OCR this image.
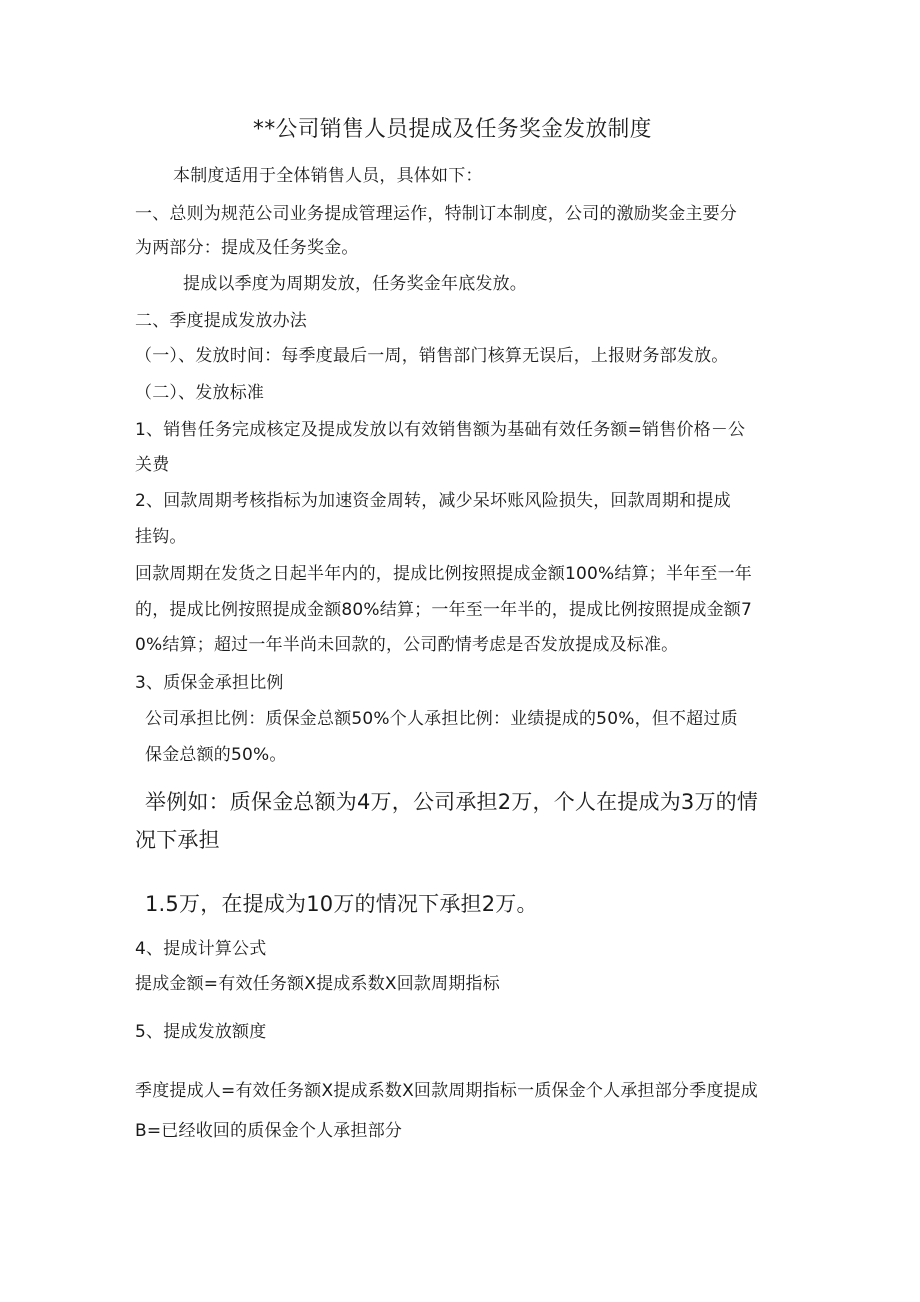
**公司销售人员提成及任务奖金发放制度
本制度适用于全体销售人员，具体如下：
一、总则为规范公司业务提成管理运作，特制订本制度，公司的激励奖金主要分
为两部分：提成及任务奖金。
提成以季度为周期发放，任务奖金年底发放。
二、季度提成发放办法
（一）、发放时间：每季度最后一周，销售部门核算无误后，上报财务部发放。
（二）、发放标准
1、销售任务完成核定及提成发放以有效销售额为基础有效任务额=销售价格－公
关费
2、回款周期考核指标为加速资金周转，减少呆坏账风险损失，回款周期和提成
挂钩。
回款周期在发货之日起半年内的，提成比例按照提成金额100%结算；半年至一年
的，提成比例按照提成金额80%结算；一年至一年半的，提成比例按照提成金额7
0%结算；超过一年半尚未回款的，公司酌情考虑是否发放提成及标准。
3、质保金承担比例
公司承担比例：质保金总额50%个人承担比例：业绩提成的50%，但不超过质
保金总额的50%。
举例如：质保金总额为4万，公司承担2万，个人在提成为3万的情
况下承担
1.5万，在提成为10万的情况下承担2万。
4、提成计算公式
提成金额=有效任务额X提成系数X回款周期指标
5、提成发放额度
季度提成人=有效任务额X提成系数X回款周期指标一质保金个人承担部分季度提成
B=已经收回的质保金个人承担部分
